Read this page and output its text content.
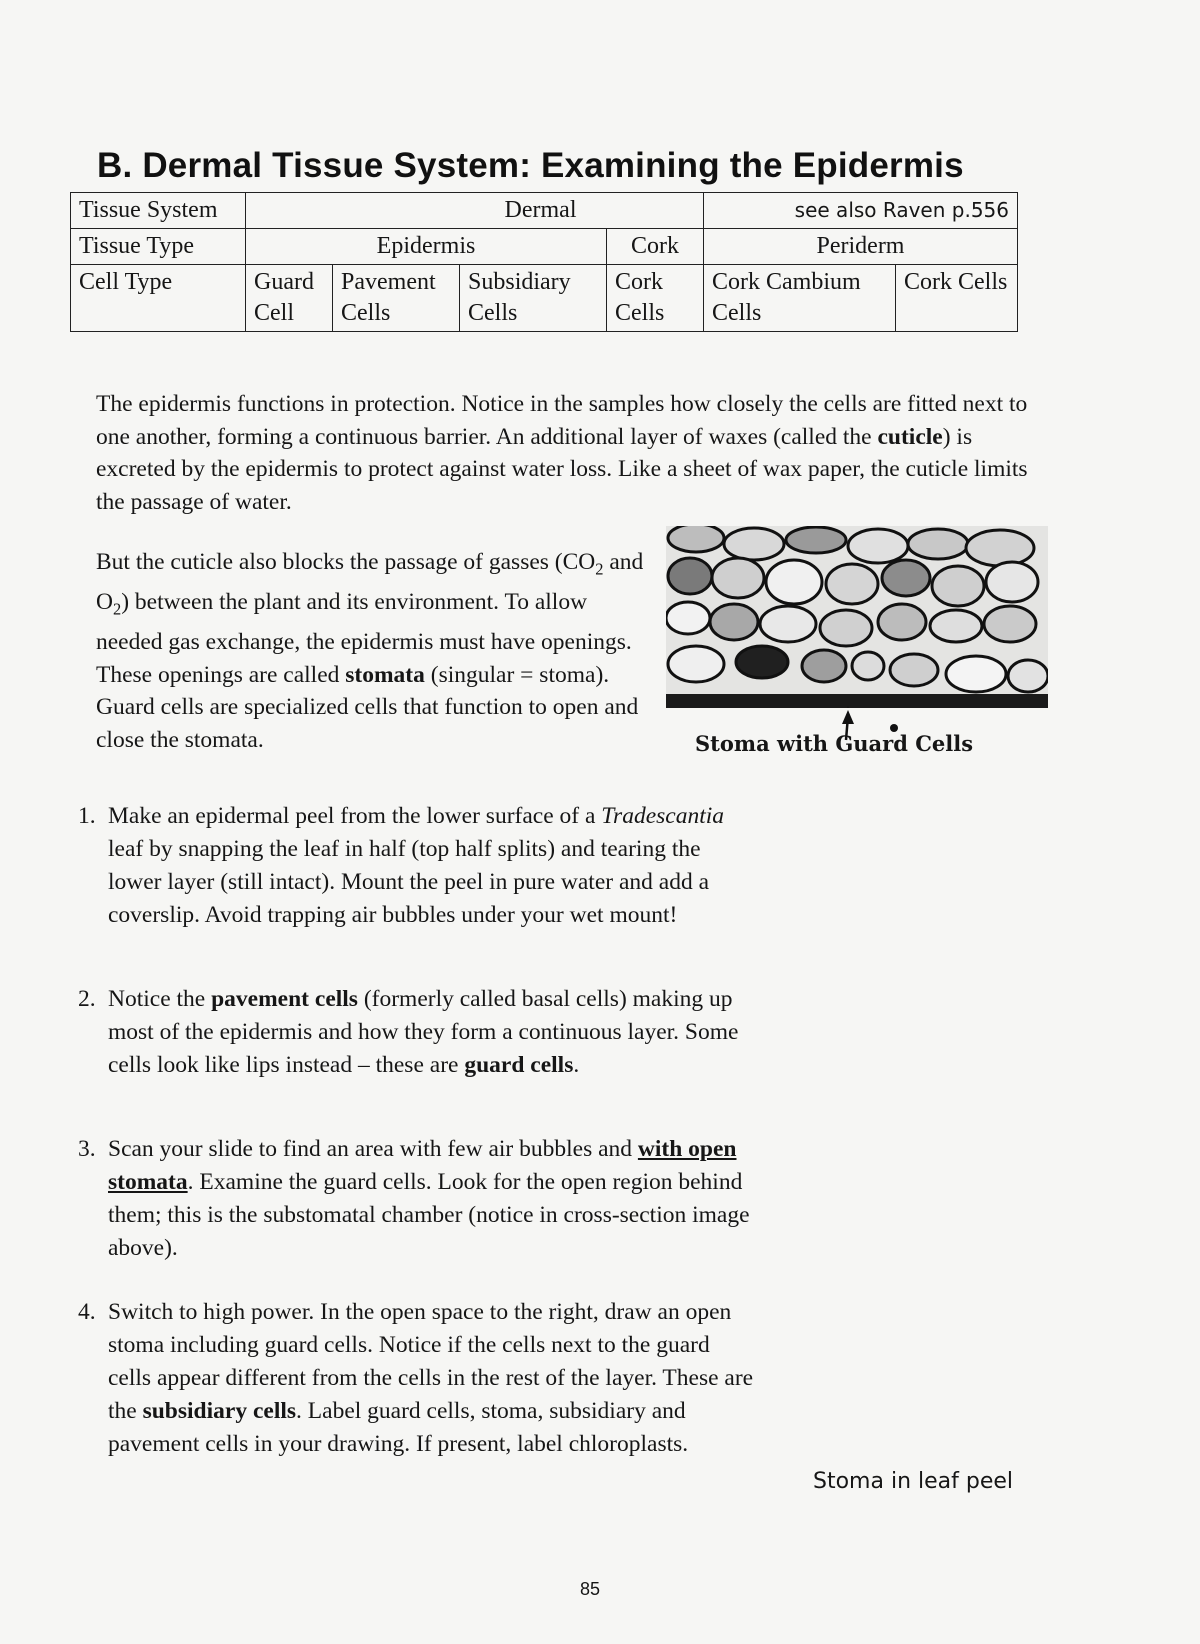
B. Dermal Tissue System: Examining the Epidermis
Tissue System	Dermal				see also Raven p.556	
Tissue Type	Epidermis			Cork	Periderm	
Cell Type	Guard Cell	Pavement Cells	Subsidiary Cells	Cork Cells	Cork Cambium Cells	Cork Cells

The epidermis functions in protection. Notice in the samples how closely the cells are fitted next to one another, forming a continuous barrier. An additional layer of waxes (called the cuticle) is excreted by the epidermis to protect against water loss. Like a sheet of wax paper, the cuticle limits the passage of water.

But the cuticle also blocks the passage of gasses ($CO_2$ and $O_2$) between the plant and its environment. To allow needed gas exchange, the epidermis must have openings. These openings are called stomata (singular = stoma). Guard cells are specialized cells that function to open and close the stomata.	Stoma with Guard Cells
1. Make an epidermal peel from the lower surface of a Tradescantia leaf by snapping the leaf in half (top half splits) and tearing the lower layer (still intact). Mount the peel in pure water and add a coverslip. Avoid trapping air bubbles under your wet mount!
2. Notice the pavement cells (formerly called basal cells) making up most of the epidermis and how they form a continuous layer. Some cells look like lips instead – these are guard cells.
3. Scan your slide to find an area with few air bubbles and with open stomata. Examine the guard cells. Look for the open region behind them; this is the substomatal chamber (notice in cross-section image above).
4. Switch to high power. In the open space to the right, draw an open stoma including guard cells. Notice if the cells next to the guard cells appear different from the cells in the rest of the layer. These are the subsidiary cells. Label guard cells, stoma, subsidiary and pavement cells in your drawing. If present, label chloroplasts.
Stoma in leaf peel
85
